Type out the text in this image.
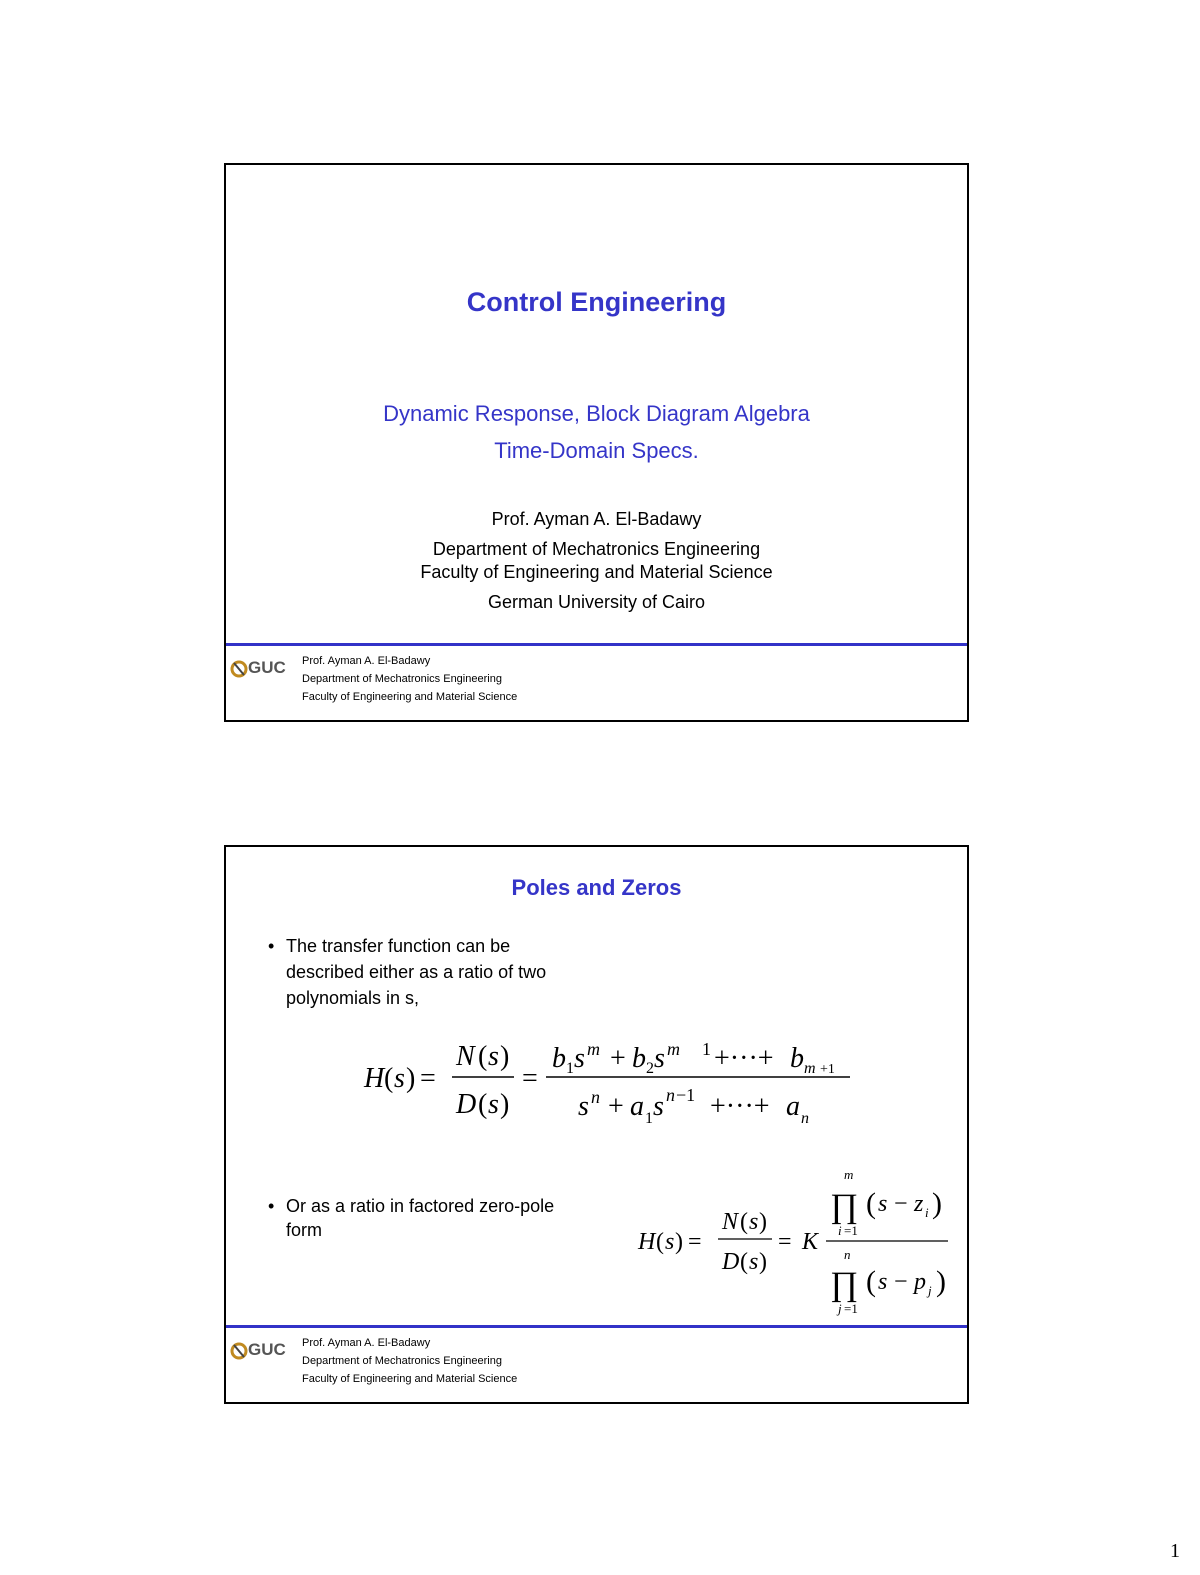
Control Engineering
Dynamic Response, Block Diagram Algebra
Time-Domain Specs.
Prof. Ayman A. El-Badawy
Department of Mechatronics Engineering
Faculty of Engineering and Material Science
German University of Cairo
GUC Prof. Ayman A. El-Badawy
Department of Mechatronics Engineering
Faculty of Engineering and Material Science
Poles and Zeros
• The transfer function can be
described either as a ratio of two
polynomials in s,
H ( s ) =
N ( s )
D ( s )
=
b 1 s m + b 2 s m 1 +···+ b m +1
s n + a 1 s n −1 +···+ a n
• Or as a ratio in factored zero-pole
form	H ( s ) =
N ( s )
D ( s )
= K
m
∏
i =1
( s − z i )
n
∏
j =1
( s − p j )
GUC Prof. Ayman A. El-Badawy
Department of Mechatronics Engineering
Faculty of Engineering and Material Science
1
